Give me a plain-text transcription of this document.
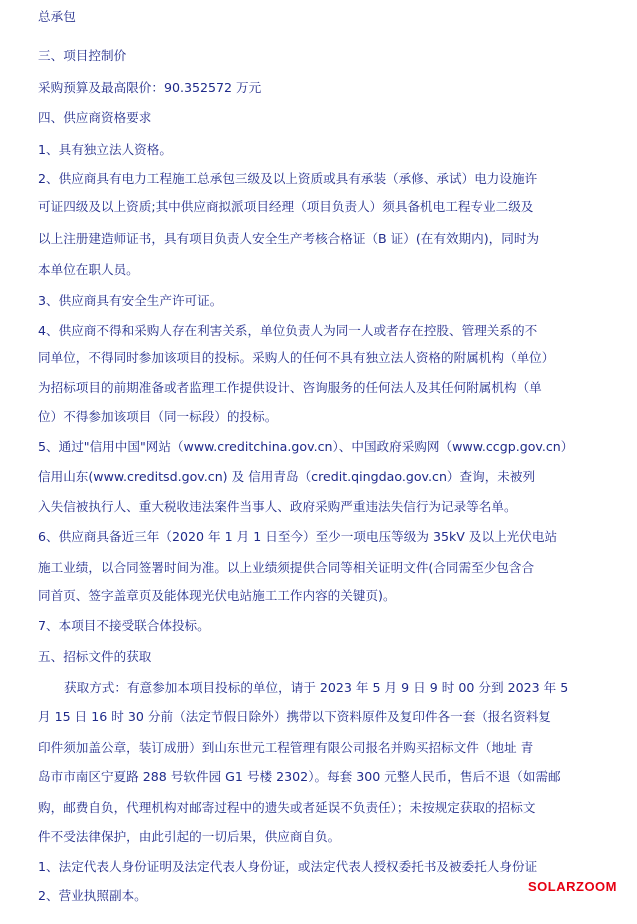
总承包
三、项目控制价
采购预算及最高限价：90.352572 万元
四、供应商资格要求
1、具有独立法人资格。
2、供应商具有电力工程施工总承包三级及以上资质或具有承装（承修、承试）电力设施许
可证四级及以上资质;其中供应商拟派项目经理（项目负责人）须具备机电工程专业二级及
以上注册建造师证书，具有项目负责人安全生产考核合格证（B 证）(在有效期内)，同时为
本单位在职人员。
3、供应商具有安全生产许可证。
4、供应商不得和采购人存在利害关系，单位负责人为同一人或者存在控股、管理关系的不
同单位，不得同时参加该项目的投标。采购人的任何不具有独立法人资格的附属机构（单位）
为招标项目的前期准备或者监理工作提供设计、咨询服务的任何法人及其任何附属机构（单
位）不得参加该项目（同一标段）的投标。
5、通过"信用中国"网站（www.creditchina.gov.cn）、中国政府采购网（www.ccgp.gov.cn）
信用山东(www.creditsd.gov.cn) 及 信用青岛（credit.qingdao.gov.cn）查询，未被列
入失信被执行人、重大税收违法案件当事人、政府采购严重违法失信行为记录等名单。
6、供应商具备近三年（2020 年 1 月 1 日至今）至少一项电压等级为 35kV 及以上光伏电站
施工业绩，以合同签署时间为准。以上业绩须提供合同等相关证明文件(合同需至少包含合
同首页、签字盖章页及能体现光伏电站施工工作内容的关键页)。
7、本项目不接受联合体投标。
五、招标文件的获取
获取方式：有意参加本项目投标的单位，请于 2023 年 5 月 9 日 9 时 00 分到 2023 年 5
月 15 日 16 时 30 分前（法定节假日除外）携带以下资料原件及复印件各一套（报名资料复
印件须加盖公章，装订成册）到山东世元工程管理有限公司报名并购买招标文件（地址 青
岛市市南区宁夏路 288 号软件园 G1 号楼 2302）。每套 300 元整人民币，售后不退（如需邮
购，邮费自负，代理机构对邮寄过程中的遗失或者延误不负责任）；未按规定获取的招标文
件不受法律保护，由此引起的一切后果，供应商自负。
1、法定代表人身份证明及法定代表人身份证，或法定代表人授权委托书及被委托人身份证
2、营业执照副本。
SOLARZOOM
